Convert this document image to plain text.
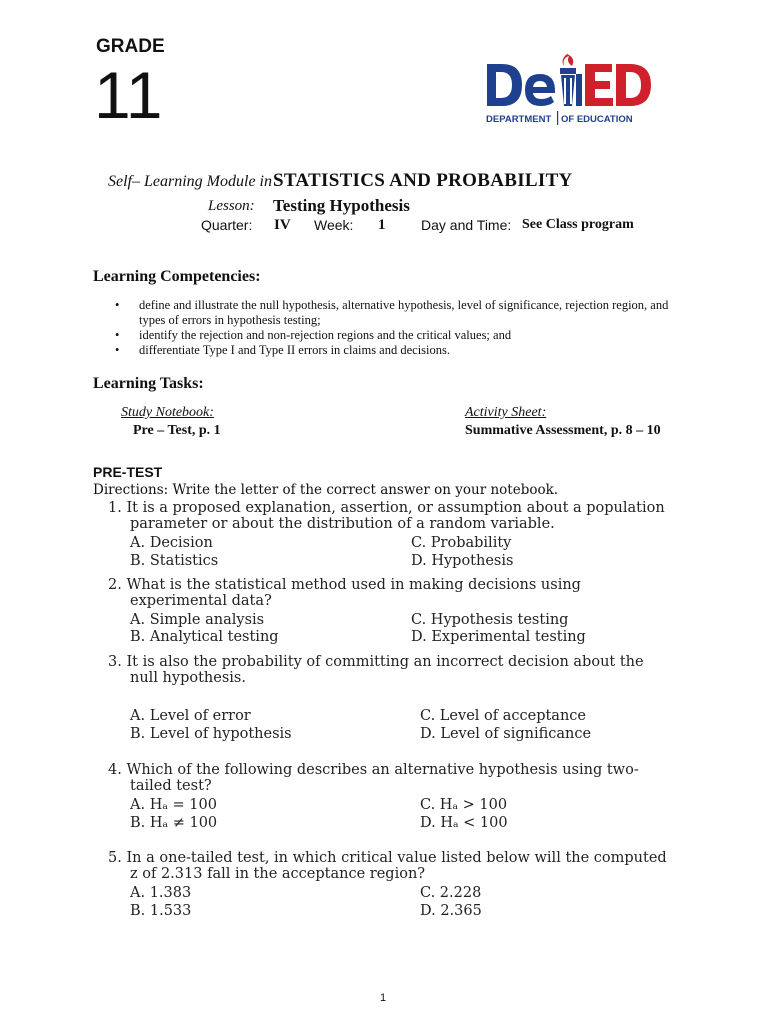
GRADE
11	DEPARTMENT OF EDUCATION
Self– Learning Module in STATISTICS AND PROBABILITY
Lesson: Testing Hypothesis
Quarter: IV Week: 1	Day and Time: See Class program
Learning Competencies:
•
define and illustrate the null hypothesis, alternative hypothesis, level of significance, rejection region, and types of errors in hypothesis testing;
•
identify the rejection and non-rejection regions and the critical values; and
•
differentiate Type I and Type II errors in claims and decisions.
Learning Tasks:
Study Notebook:
Pre – Test, p. 1
Activity Sheet:
Summative Assessment, p. 8 – 10
PRE-TEST
Directions: Write the letter of the correct answer on your notebook.
1. It is a proposed explanation, assertion, or assumption about a population
parameter or about the distribution of a random variable.
A. Decision
B. Statistics
C. Probability
D. Hypothesis
2. What is the statistical method used in making decisions using
experimental data?
A. Simple analysis
B. Analytical testing
C. Hypothesis testing
D. Experimental testing
3. It is also the probability of committing an incorrect decision about the
null hypothesis.
A. Level of error
B. Level of hypothesis
C. Level of acceptance
D. Level of significance
4. Which of the following describes an alternative hypothesis using two-
tailed test?
A. Hₐ = 100
B. Hₐ ≠ 100
C. Hₐ > 100
D. Hₐ < 100
5. In a one-tailed test, in which critical value listed below will the computed
z of 2.313 fall in the acceptance region?
A. 1.383
B. 1.533
C. 2.228
D. 2.365
1
